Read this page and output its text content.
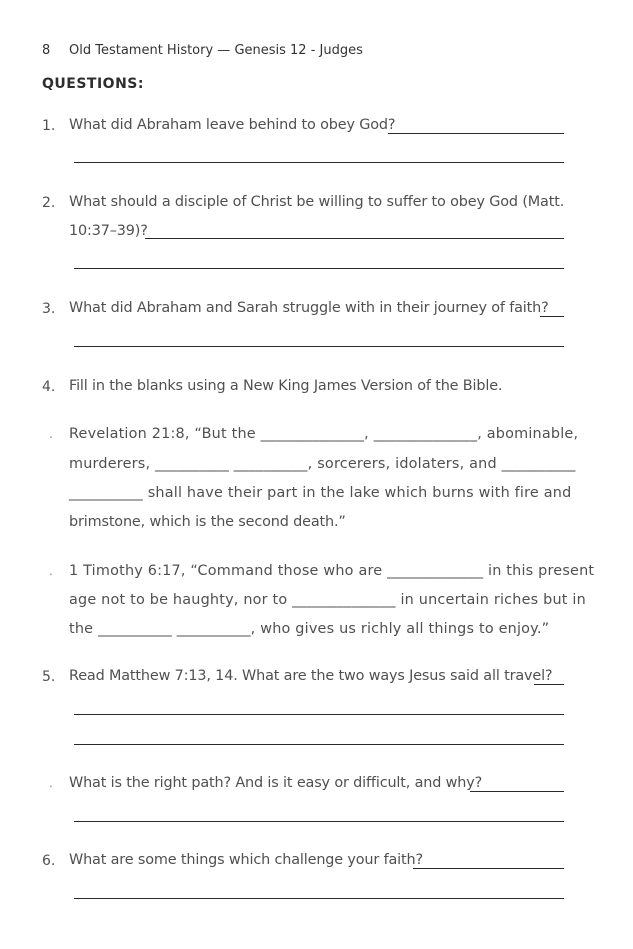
8 Old Testament History — Genesis 12 - Judges
QUESTIONS:
1. What did Abraham leave behind to obey God?
2. What should a disciple of Christ be willing to suffer to obey God (Matt.
10:37–39)?
3. What did Abraham and Sarah struggle with in their journey of faith?
4. Fill in the blanks using a New King James Version of the Bible.
. Revelation 21:8, “But the ______________, ______________, abominable,
murderers, __________ __________, sorcerers, idolaters, and __________
__________ shall have their part in the lake which burns with fire and
brimstone, which is the second death.”
. 1 Timothy 6:17, “Command those who are _____________ in this present
age not to be haughty, nor to ______________ in uncertain riches but in
the __________ __________, who gives us richly all things to enjoy.”
5. Read Matthew 7:13, 14. What are the two ways Jesus said all travel?
. What is the right path? And is it easy or difficult, and why?
6. What are some things which challenge your faith?
